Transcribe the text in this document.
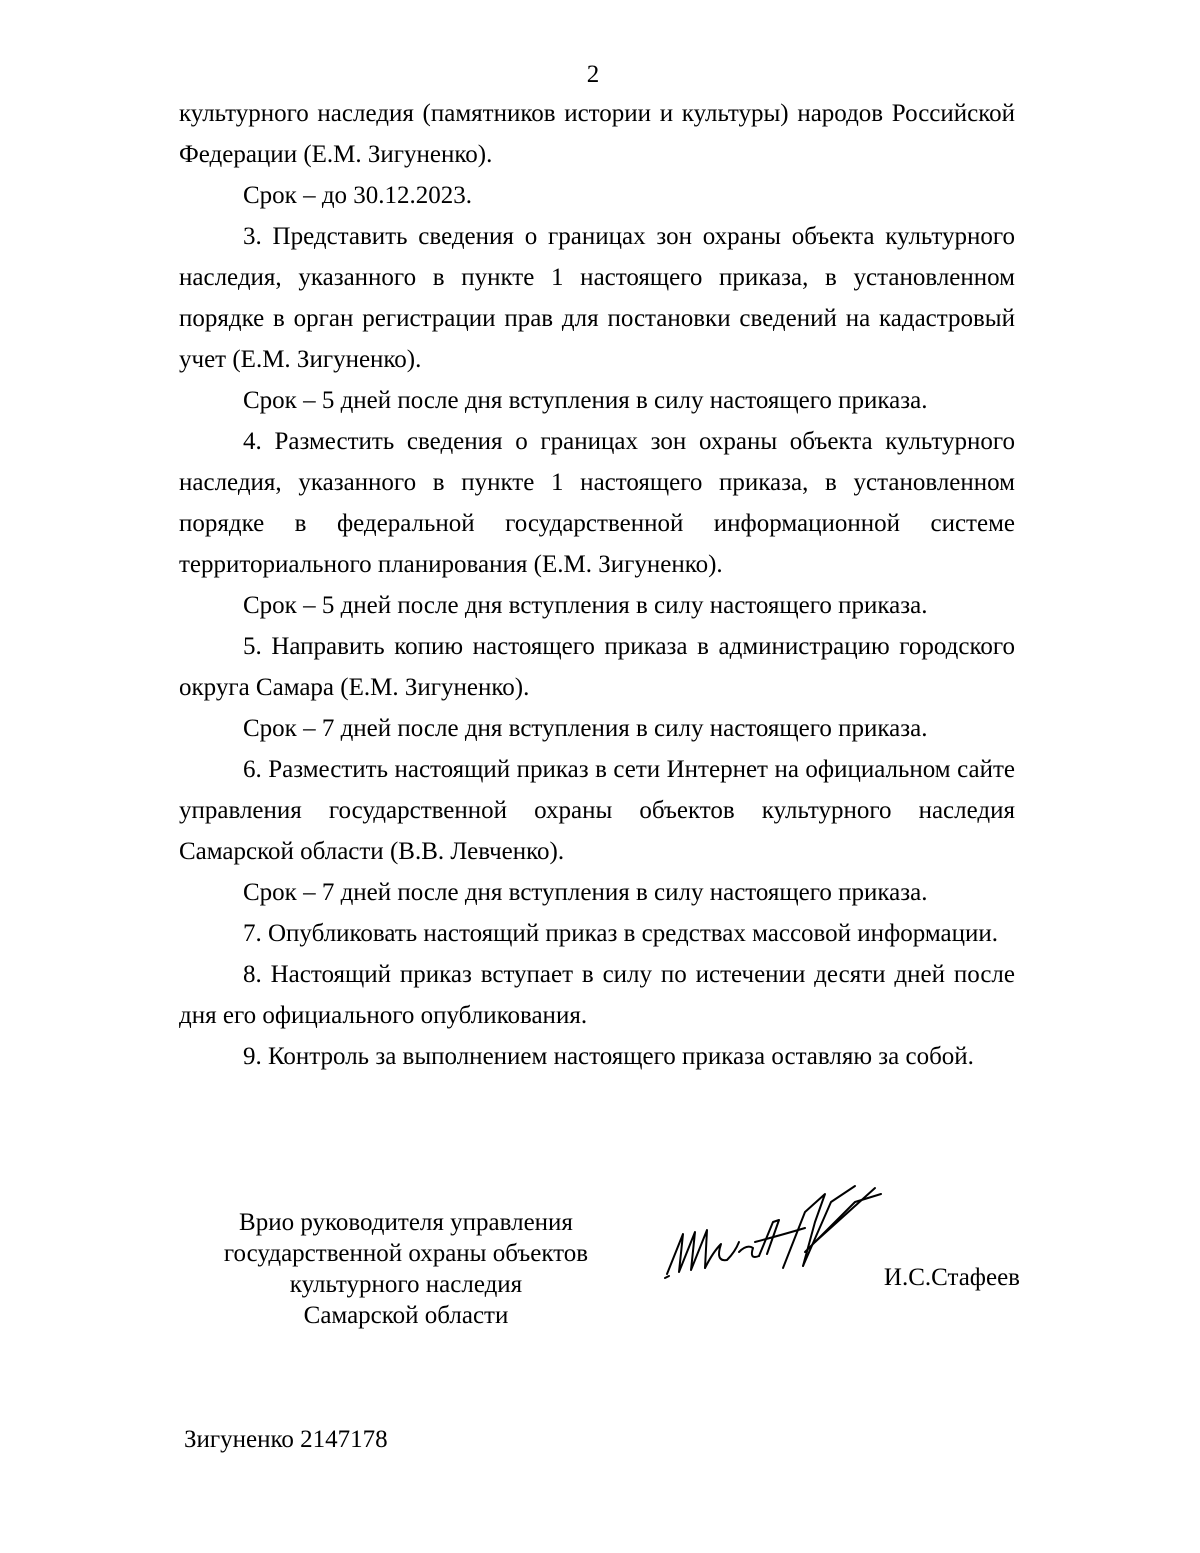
2

культурного наследия (памятников истории и культуры) народов Российской Федерации (Е.М. Зигуненко).

Срок – до 30.12.2023.

3. Представить сведения о границах зон охраны объекта культурного наследия, указанного в пункте 1 настоящего приказа, в установленном порядке в орган регистрации прав для постановки сведений на кадастровый учет (Е.М. Зигуненко).

Срок – 5 дней после дня вступления в силу настоящего приказа.

4. Разместить сведения о границах зон охраны объекта культурного наследия, указанного в пункте 1 настоящего приказа, в установленном порядке в федеральной государственной информационной системе территориального планирования (Е.М. Зигуненко).

Срок – 5 дней после дня вступления в силу настоящего приказа.

5. Направить копию настоящего приказа в администрацию городского округа Самара (Е.М. Зигуненко).

Срок – 7 дней после дня вступления в силу настоящего приказа.

6. Разместить настоящий приказ в сети Интернет на официальном сайте управления государственной охраны объектов культурного наследия Самарской области (В.В. Левченко).

Срок – 7 дней после дня вступления в силу настоящего приказа.

7. Опубликовать настоящий приказ в средствах массовой информации.

8. Настоящий приказ вступает в силу по истечении десяти дней после дня его официального опубликования.

9. Контроль за выполнением настоящего приказа оставляю за собой.

Врио руководителя управления
государственной охраны объектов
культурного наследия
Самарской области
И.С.Стафеев
Зигуненко 2147178
